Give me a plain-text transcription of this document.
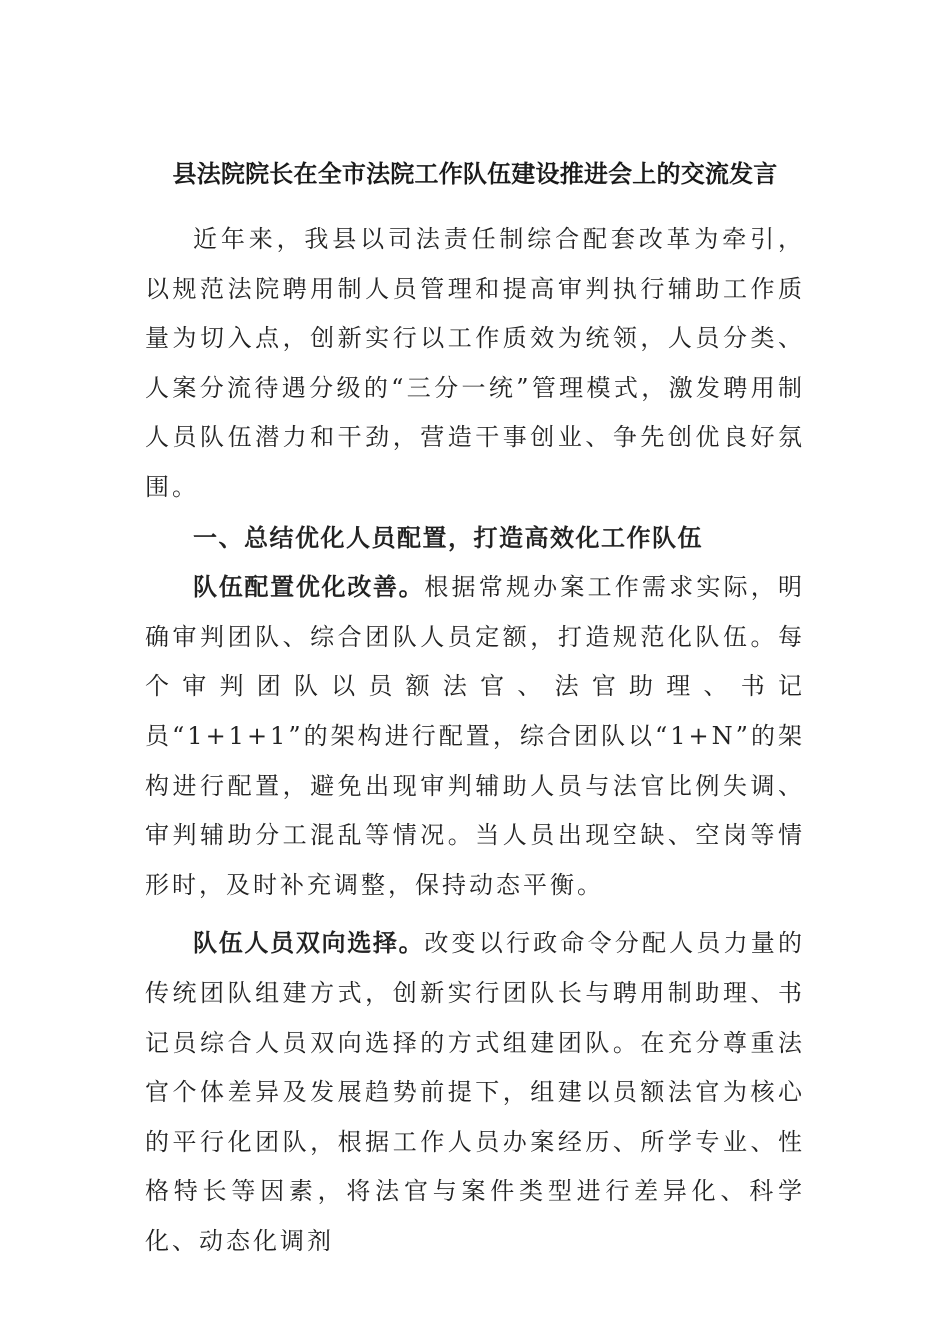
县法院院长在全市法院工作队伍建设推进会上的交流发言

近年来，我县以司法责任制综合配套改革为牵引，以规范法院聘用制人员管理和提高审判执行辅助工作质量为切入点，创新实行以工作质效为统领，人员分类、人案分流待遇分级的“三分一统”管理模式，激发聘用制人员队伍潜力和干劲，营造干事创业、争先创优良好氛围。

一、总结优化人员配置，打造高效化工作队伍

队伍配置优化改善。根据常规办案工作需求实际，明确审判团队、综合团队人员定额，打造规范化队伍。每个审判团队以员额法官、法官助理、书记员“1+1+1”的架构进行配置，综合团队以“1+N”的架构进行配置，避免出现审判辅助人员与法官比例失调、审判辅助分工混乱等情况。当人员出现空缺、空岗等情形时，及时补充调整，保持动态平衡。

队伍人员双向选择。改变以行政命令分配人员力量的传统团队组建方式，创新实行团队长与聘用制助理、书记员综合人员双向选择的方式组建团队。在充分尊重法官个体差异及发展趋势前提下，组建以员额法官为核心的平行化团队，根据工作人员办案经历、所学专业、性格特长等因素，将法官与案件类型进行差异化、科学化、动态化调剂
